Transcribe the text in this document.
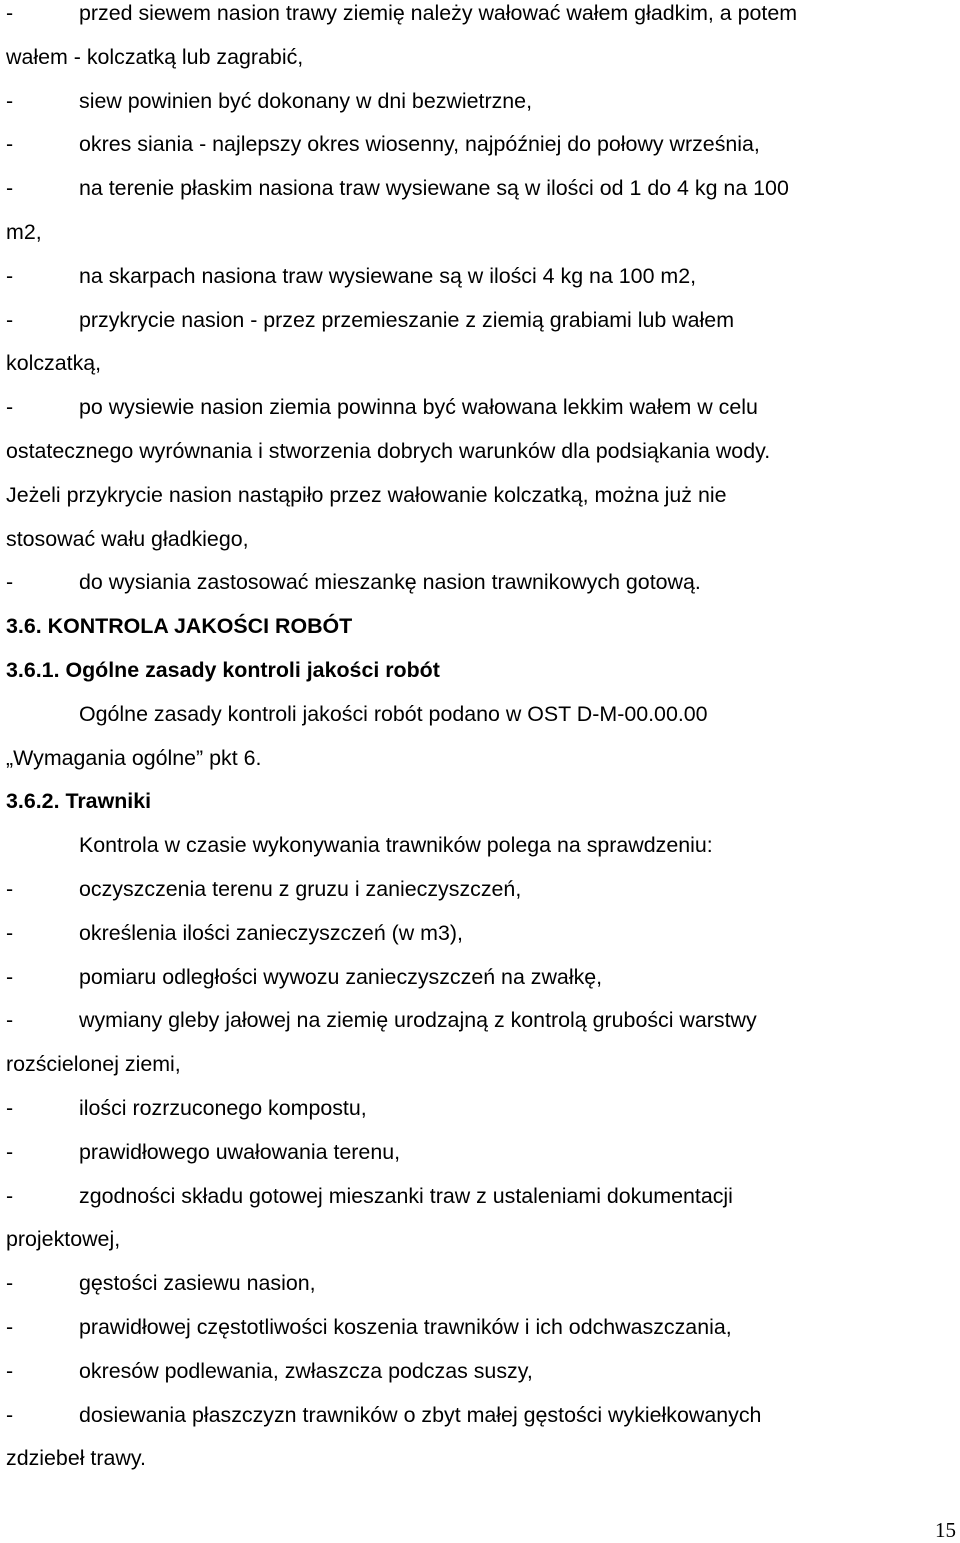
-	przed siewem nasion trawy ziemię należy wałować wałem gładkim, a potem

wałem - kolczatką lub zagrabić,

-	siew powinien być dokonany w dni bezwietrzne,

-	okres siania - najlepszy okres wiosenny, najpóźniej do połowy września,

-	na terenie płaskim nasiona traw wysiewane są w ilości od 1 do 4 kg na 100

m2,

-	na skarpach nasiona traw wysiewane są w ilości 4 kg na 100 m2,

-	przykrycie nasion - przez przemieszanie z ziemią grabiami lub wałem

kolczatką,

-	po wysiewie nasion ziemia powinna być wałowana lekkim wałem w celu

ostatecznego wyrównania i stworzenia dobrych warunków dla podsiąkania wody.

Jeżeli przykrycie nasion nastąpiło przez wałowanie kolczatką, można już nie

stosować wału gładkiego,

-	do wysiania zastosować mieszankę nasion trawnikowych gotową.

3.6. KONTROLA JAKOŚCI ROBÓT

3.6.1. Ogólne zasady kontroli jakości robót

Ogólne zasady kontroli jakości robót podano w OST D-M-00.00.00

„Wymagania ogólne” pkt 6.

3.6.2. Trawniki

Kontrola w czasie wykonywania trawników polega na sprawdzeniu:

-	oczyszczenia terenu z gruzu i zanieczyszczeń,

-	określenia ilości zanieczyszczeń (w m3),

-	pomiaru odległości wywozu zanieczyszczeń na zwałkę,

-	wymiany gleby jałowej na ziemię urodzajną z kontrolą grubości warstwy

rozścielonej ziemi,

-	ilości rozrzuconego kompostu,

-	prawidłowego uwałowania terenu,

-	zgodności składu gotowej mieszanki traw z ustaleniami dokumentacji

projektowej,

-	gęstości zasiewu nasion,

-	prawidłowej częstotliwości koszenia trawników i ich odchwaszczania,

-	okresów podlewania, zwłaszcza podczas suszy,

-	dosiewania płaszczyzn trawników o zbyt małej gęstości wykiełkowanych

zdziebeł trawy.

15
